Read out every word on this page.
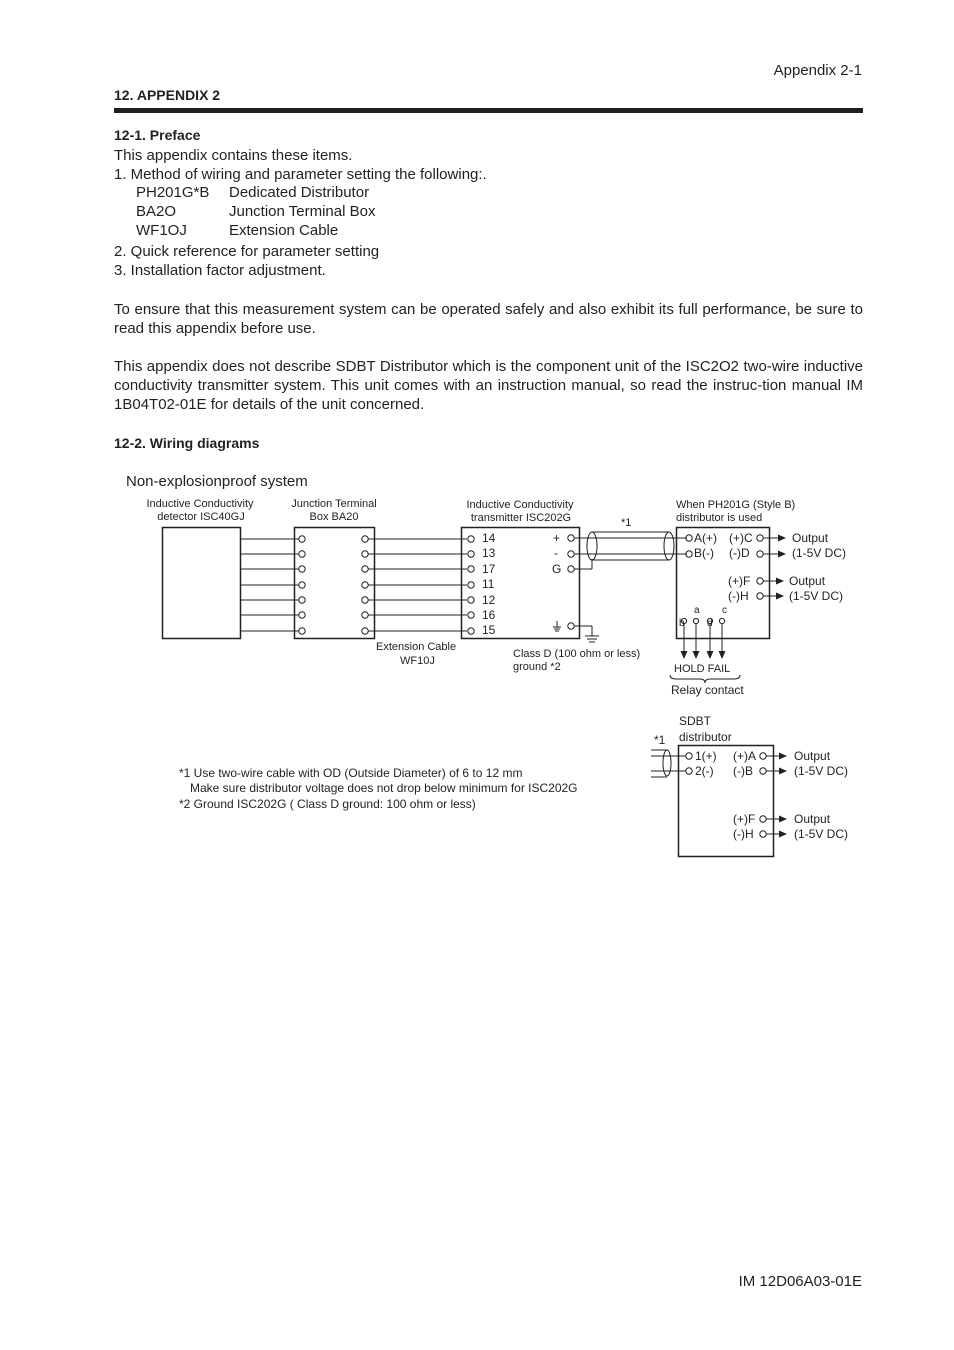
Appendix 2-1
12. APPENDIX 2
12-1. Preface
This appendix contains these items.
1. Method of wiring and parameter setting the following:.
PH201G*B Dedicated Distributor
BA2O	Junction Terminal Box
WF1OJ	Extension Cable
2. Quick reference for parameter setting
3. Installation factor adjustment.
To ensure that this measurement system can be operated safely and also exhibit its full performance, be sure to read this appendix before use.
This appendix does not describe SDBT Distributor which is the component unit of the ISC2O2 two-wire inductive conductivity transmitter system. This unit comes with an instruction manual, so read the instruc-tion manual IM 1B04T02-01E for details of the unit concerned.
12-2. Wiring diagrams
Non-explosionproof system
Inductive Conductivity
detector ISC40GJ
Junction Terminal
Box BA20
Inductive Conductivity
transmitter ISC202G
When PH201G (Style B)
distributor is used
*1
Extension Cable
WF10J
Class D (100 ohm or less)
ground *2	HOLD FAIL
a c
b d
SDBT
distributor
*1
*1 Use two-wire cable with OD (Outside Diameter) of 6 to 12 mm
Make sure distributor voltage does not drop below minimum for ISC202G
*2 Ground ISC202G ( Class D ground: 100 ohm or less)
14
13
17
11
12
16
15
+
-
G
A(+)
B(-)
(+)C
(-)D
(+)F
(-)H
Output
(1-5V DC)
Output
(1-5V DC)
Relay contact
1(+)
2(-)
(+)A
(-)B
(+)F
(-)H
Output
(1-5V DC)
Output
(1-5V DC)
IM 12D06A03-01E
